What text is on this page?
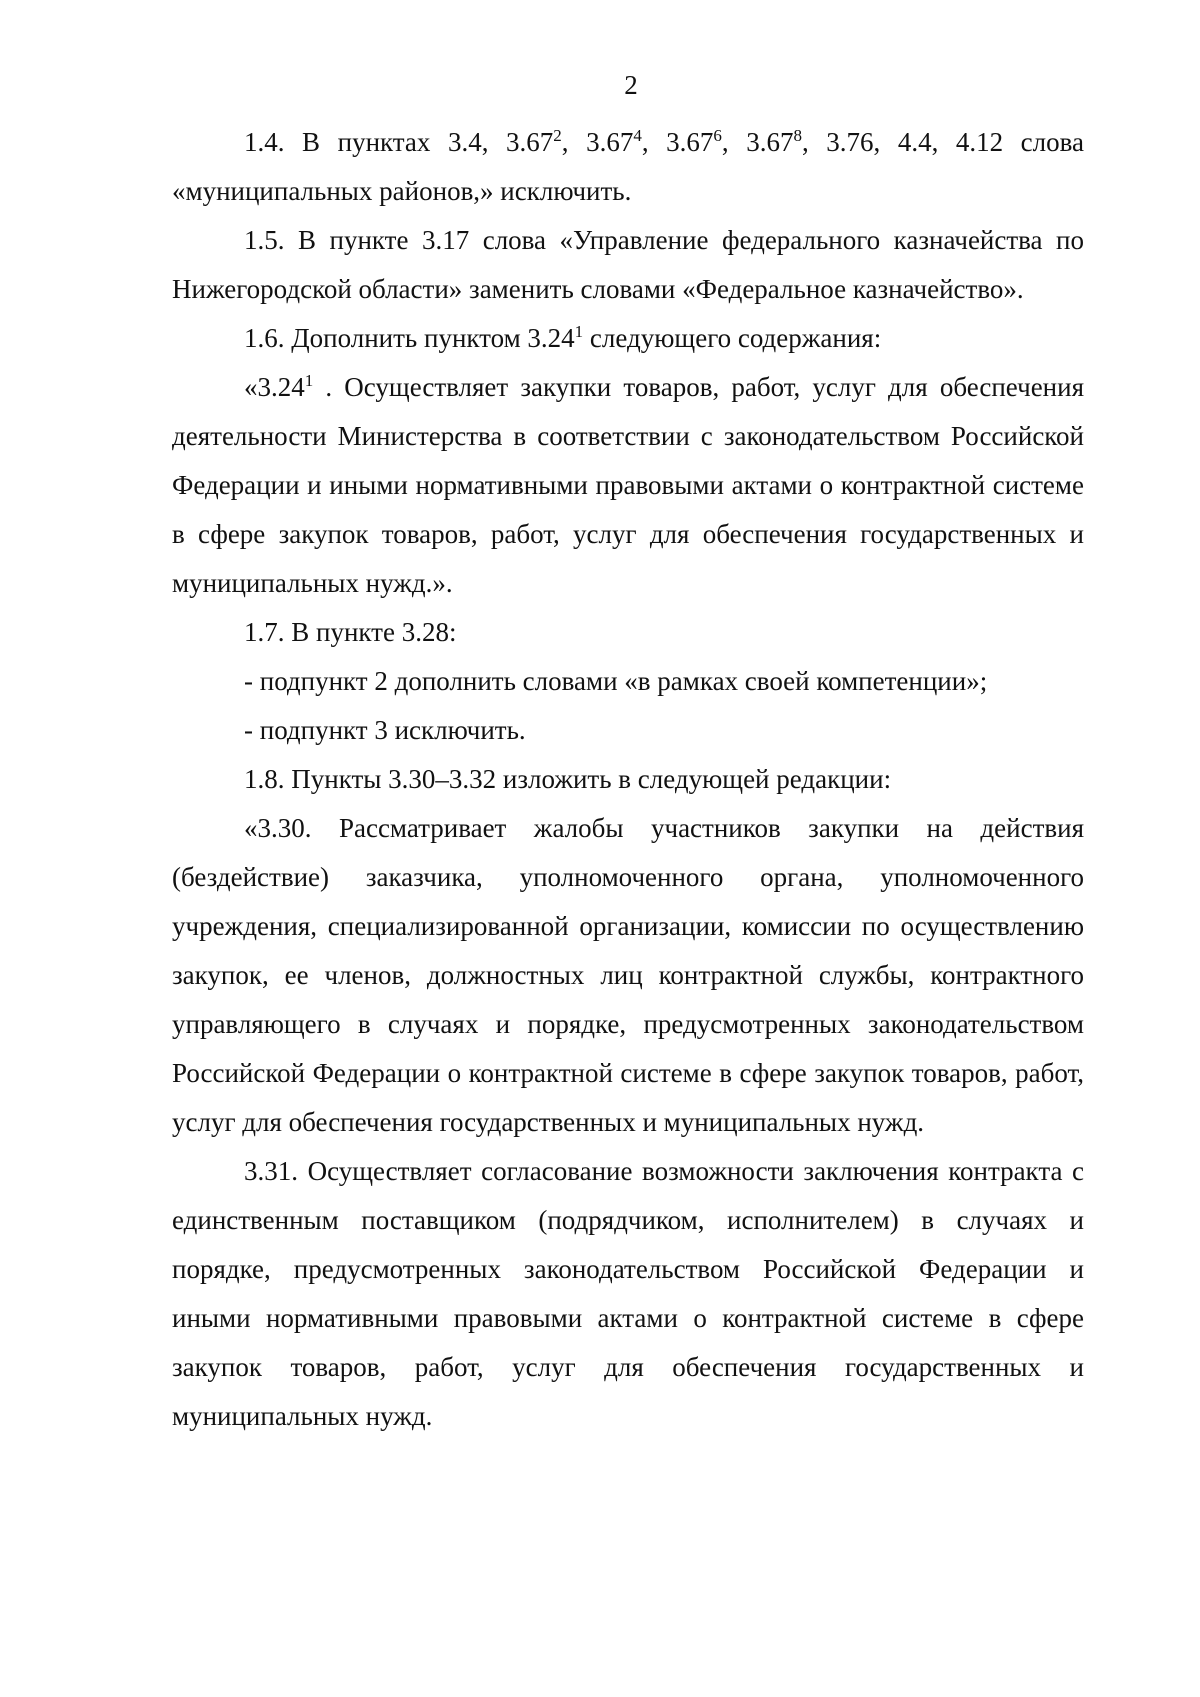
2

1.4. В пунктах 3.4, 3.67$^2$, 3.67$^4$, 3.67$^6$, 3.67$^8$, 3.76, 4.4, 4.12 слова «муниципальных районов,» исключить.

1.5. В пункте 3.17 слова «Управление федерального казначейства по Нижегородской области» заменить словами «Федеральное казначейство».

1.6. Дополнить пунктом 3.24$^1$ следующего содержания:

«3.24$^1$ . Осуществляет закупки товаров, работ, услуг для обеспечения деятельности Министерства в соответствии с законодательством Российской Федерации и иными нормативными правовыми актами о контрактной системе в сфере закупок товаров, работ, услуг для обеспечения государственных и муниципальных нужд.».

1.7. В пункте 3.28:

- подпункт 2 дополнить словами «в рамках своей компетенции»;

- подпункт 3 исключить.

1.8. Пункты 3.30–3.32 изложить в следующей редакции:

«3.30. Рассматривает жалобы участников закупки на действия (бездействие) заказчика, уполномоченного органа, уполномоченного учреждения, специализированной организации, комиссии по осуществлению закупок, ее членов, должностных лиц контрактной службы, контрактного управляющего в случаях и порядке, предусмотренных законодательством Российской Федерации о контрактной системе в сфере закупок товаров, работ, услуг для обеспечения государственных и муниципальных нужд.

3.31. Осуществляет согласование возможности заключения контракта с единственным поставщиком (подрядчиком, исполнителем) в случаях и порядке, предусмотренных законодательством Российской Федерации и иными нормативными правовыми актами о контрактной системе в сфере закупок товаров, работ, услуг для обеспечения государственных и муниципальных нужд.
